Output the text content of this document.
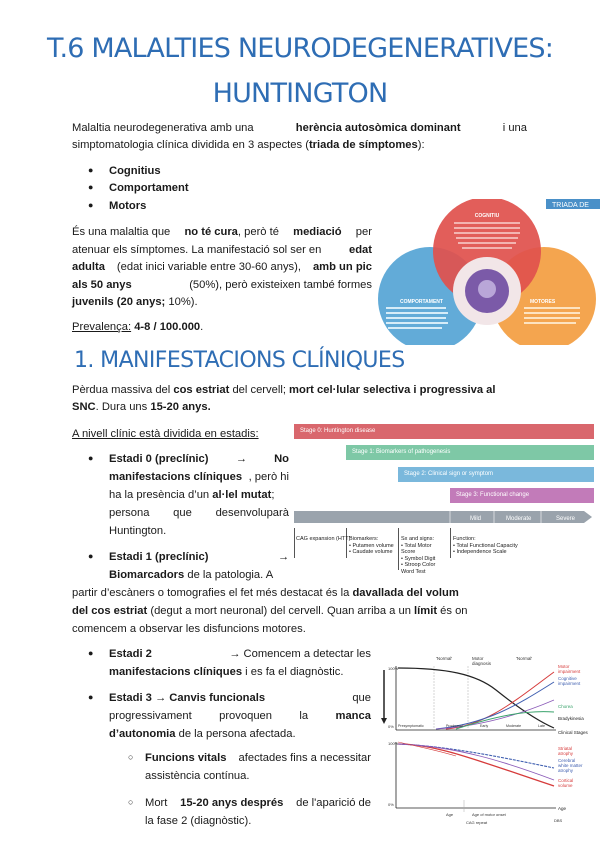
T.6 MALALTIES NEURODEGENERATIVES:
HUNTINGTON
Malaltia neurodegenerativa amb una	herència autosòmica dominant	i una
simptomatologia clínica dividida en 3 aspectes (triada de símptomes):
● Cognitius
● Comportament
● Motors
És una malaltia que no té cura, però té mediació per
atenuar els símptomes. La manifestació sol ser en edat
adulta (edat inici variable entre 30-60 anys), amb un pic
als 50 anys	(50%), però existeixen també formes
juvenils (20 anys; 10%).
Prevalença: 4-8 / 100.000.
TRIADA DE
COGNITIU
COMPORTAMENT	MOTORES
1. MANIFESTACIONS CLÍNIQUES
Pèrdua massiva del cos estriat del cervell; mort cel·lular selectiva i progressiva al
SNC. Dura uns 15-20 anys.
A nivell clínic està dividida en estadis:
● Estadi 0 (preclínic) → No
manifestacions clíniques , però hi
ha la presència d’un al·lel mutat;
persona que desenvoluparà
Huntington.
● Estadi 1 (preclínic)	→
Biomarcadors de la patologia. A
partir d’escàners o tomografies el fet més destacat és la davallada del volum
del cos estriat (degut a mort neuronal) del cervell. Quan arriba a un límit és on
comencem a observar les disfuncions motores.
● Estadi 2	→ Comencem a detectar les
manifestacions clíniques i es fa el diagnòstic.
● Estadi 3 → Canvis funcionals	que
progressivament provoquen la manca
d’autonomia de la persona afectada.
○ Funcions vitals afectades fins a necessitar
assistència contínua.
○ Mort 15-20 anys després de l'aparició de
la fase 2 (diagnòstic).
Stage 0: Huntington disease
Stage 1: Biomarkers of pathogenesis
Stage 2: Clinical sign or symptom
Stage 3: Functional change
Mild	Moderate	Severe
CAG expansion (HTT)
Biomarkers:
• Putamen volume
• Caudate volume
Sx and signs:
• Total Motor
Score
• Symbol Digit
• Stroop Color
Word Test
Function:
• Total Functional Capacity
• Independence Scale
'Normal'	Motor
diagnosis
'Normal'
100%
0% Presymptomatic	Prodromal	Early	Moderate	Late
Motor
impairment
Cognitive
impairment
Chorea
Bradykinesia
Clinical Stages
100%
0%
Striatal
atrophy
Cerebral
white matter
atrophy
Cortical
volume
Age
Age	Age of motor onset
CAG repeat	DBS
